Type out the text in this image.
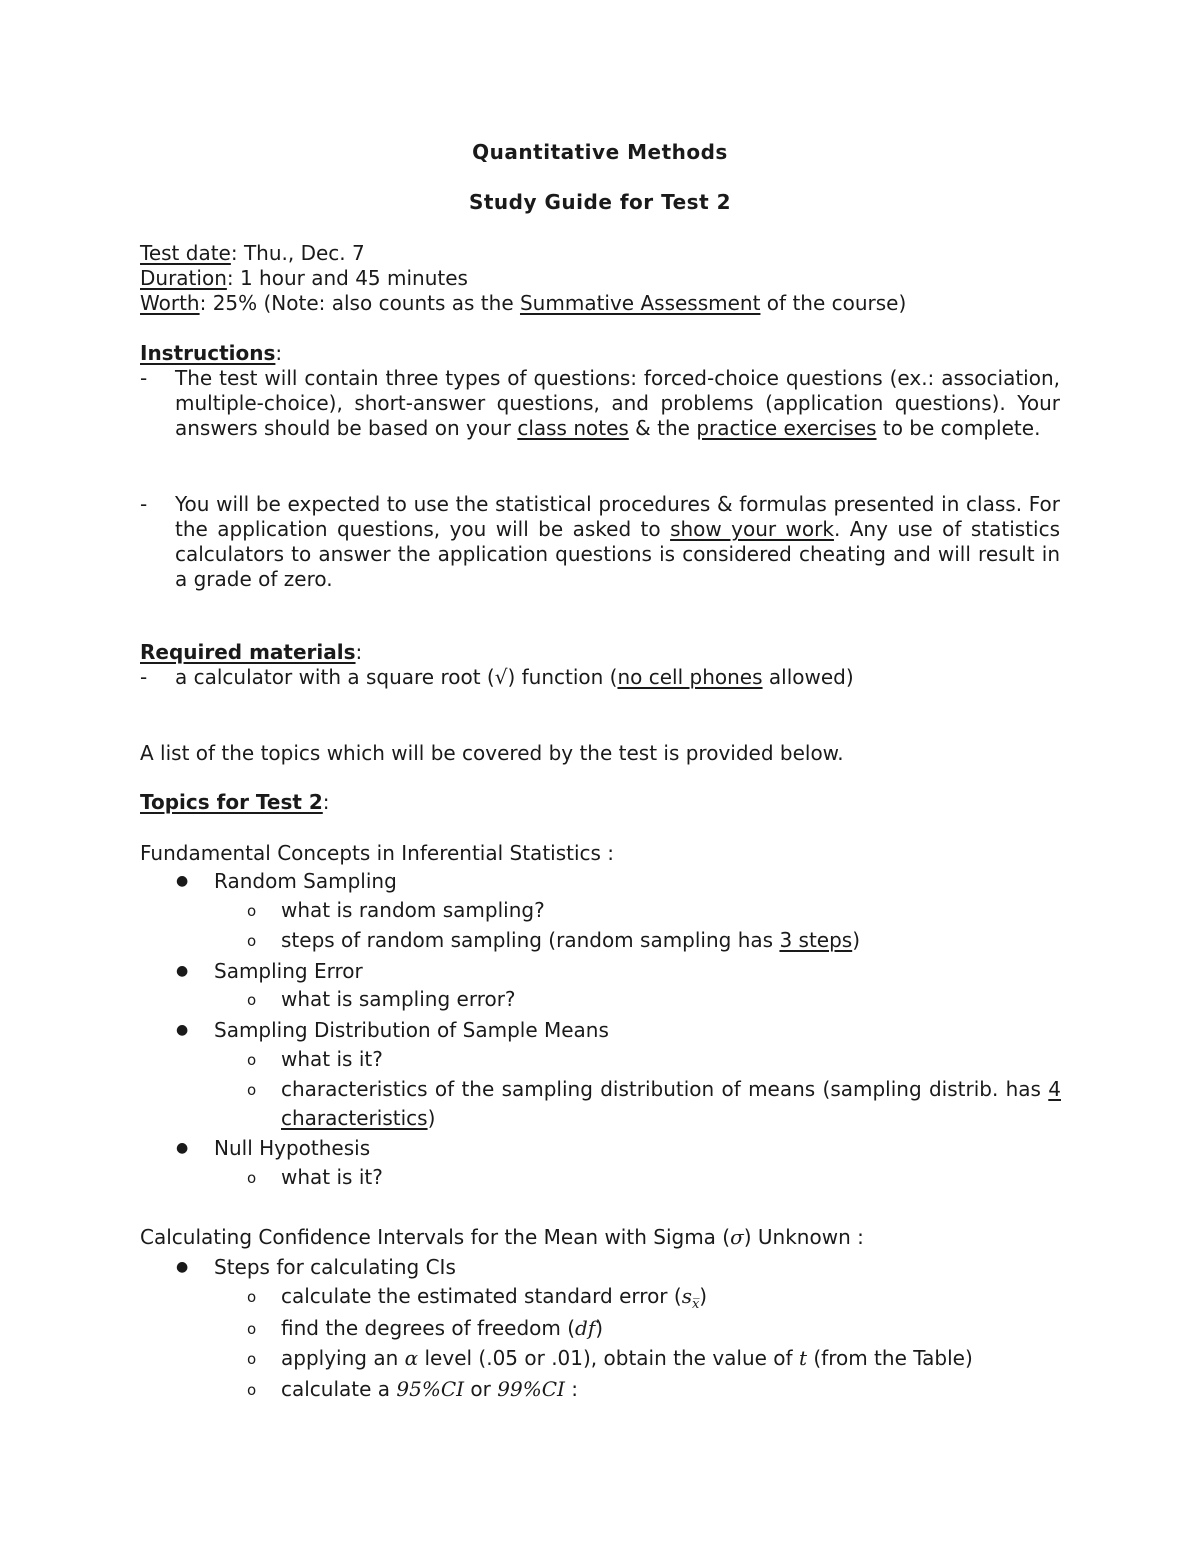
Quantitative Methods
Study Guide for Test 2
Test date: Thu., Dec. 7
Duration: 1 hour and 45 minutes
Worth: 25% (Note: also counts as the Summative Assessment of the course)
Instructions:
- The test will contain three types of questions: forced-choice questions (ex.: association, multiple-choice), short-answer questions, and problems (application questions). Your answers should be based on your class notes & the practice exercises to be complete.
- You will be expected to use the statistical procedures & formulas presented in class. For the application questions, you will be asked to show your work. Any use of statistics calculators to answer the application questions is considered cheating and will result in a grade of zero.
Required materials:
- a calculator with a square root (√) function (no cell phones allowed)
A list of the topics which will be covered by the test is provided below.
Topics for Test 2:
Fundamental Concepts in Inferential Statistics :
● Random Sampling
o what is random sampling?
o steps of random sampling (random sampling has 3 steps)
● Sampling Error
o what is sampling error?
● Sampling Distribution of Sample Means
o what is it?
o characteristics of the sampling distribution of means (sampling distrib. has 4 characteristics)
● Null Hypothesis
o what is it?
Calculating Confidence Intervals for the Mean with Sigma (σ) Unknown :
● Steps for calculating CIs
o calculate the estimated standard error $(s_{x̅})$
o find the degrees of freedom (df)
o applying an α level (.05 or .01), obtain the value of t (from the Table)
o calculate a 95%CI or 99%CI :
